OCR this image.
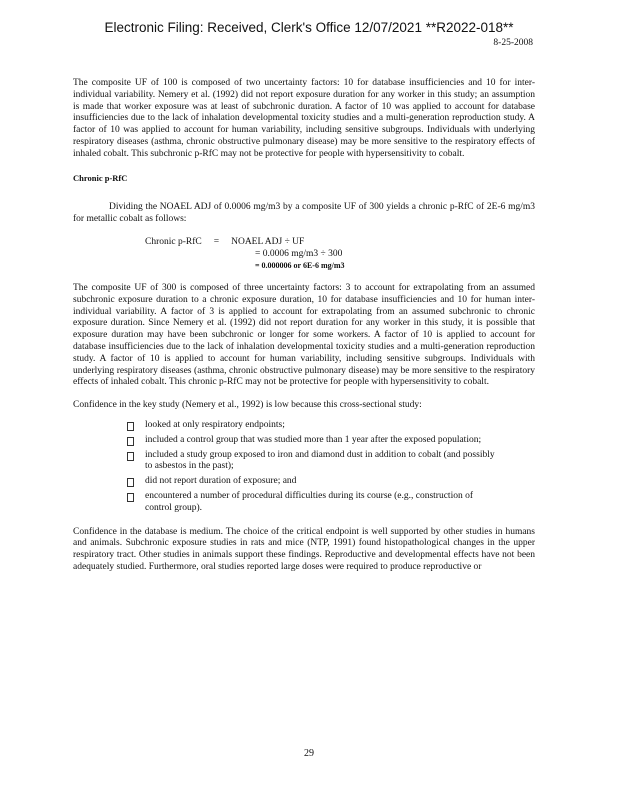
Electronic Filing: Received, Clerk's Office 12/07/2021 **R2022-018**
8-25-2008

The composite UF of 100 is composed of two uncertainty factors: 10 for database insufficiencies and 10 for inter-individual variability. Nemery et al. (1992) did not report exposure duration for any worker in this study; an assumption is made that worker exposure was at least of subchronic duration. A factor of 10 was applied to account for database insufficiencies due to the lack of inhalation developmental toxicity studies and a multi-generation reproduction study. A factor of 10 was applied to account for human variability, including sensitive subgroups. Individuals with underlying respiratory diseases (asthma, chronic obstructive pulmonary disease) may be more sensitive to the respiratory effects of inhaled cobalt. This subchronic p-RfC may not be protective for people with hypersensitivity to cobalt.

Chronic p-RfC

Dividing the NOAEL ADJ of 0.0006 mg/m3 by a composite UF of 300 yields a chronic p-RfC of 2E-6 mg/m3 for metallic cobalt as follows:

Chronic p-RfC = NOAEL ADJ ÷ UF
= 0.0006 mg/m3 ÷ 300
= 0.000006 or 6E-6 mg/m3

The composite UF of 300 is composed of three uncertainty factors: 3 to account for extrapolating from an assumed subchronic exposure duration to a chronic exposure duration, 10 for database insufficiencies and 10 for human inter-individual variability. A factor of 3 is applied to account for extrapolating from an assumed subchronic to chronic exposure duration. Since Nemery et al. (1992) did not report duration for any worker in this study, it is possible that exposure duration may have been subchronic or longer for some workers. A factor of 10 is applied to account for database insufficiencies due to the lack of inhalation developmental toxicity studies and a multi-generation reproduction study. A factor of 10 is applied to account for human variability, including sensitive subgroups. Individuals with underlying respiratory diseases (asthma, chronic obstructive pulmonary disease) may be more sensitive to the respiratory effects of inhaled cobalt. This chronic p-RfC may not be protective for people with hypersensitivity to cobalt.

Confidence in the key study (Nemery et al., 1992) is low because this cross-sectional study:

looked at only respiratory endpoints;
included a control group that was studied more than 1 year after the exposed population;
included a study group exposed to iron and diamond dust in addition to cobalt (and possibly to asbestos in the past);
did not report duration of exposure; and
encountered a number of procedural difficulties during its course (e.g., construction of control group).

Confidence in the database is medium. The choice of the critical endpoint is well supported by other studies in humans and animals. Subchronic exposure studies in rats and mice (NTP, 1991) found histopathological changes in the upper respiratory tract. Other studies in animals support these findings. Reproductive and developmental effects have not been adequately studied. Furthermore, oral studies reported large doses were required to produce reproductive or

29
